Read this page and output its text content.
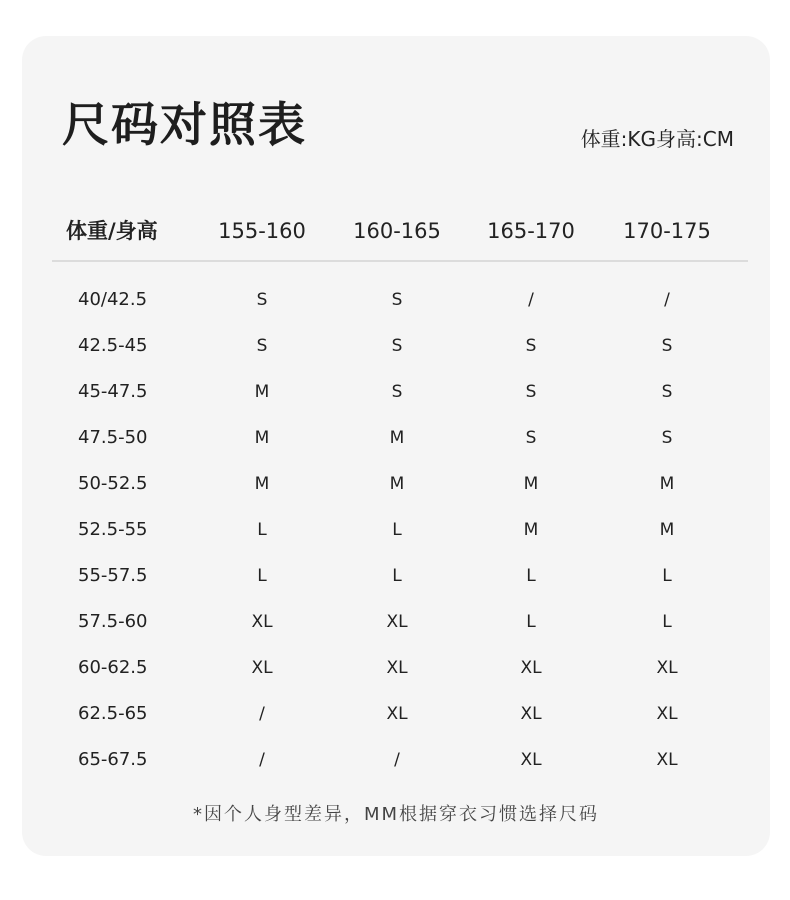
尺码对照表	体重:KG身高:CM
体重/身高	155-160 160-165 165-170 170-175
40/42.5	S	S	/	/
42.5-45	S	S	S	S
45-47.5	M	S	S	S
47.5-50	M	M	S	S
50-52.5	M	M	M	M
52.5-55	L	L	M	M
55-57.5	L	L	L	L
57.5-60	XL	XL	L	L
60-62.5	XL	XL	XL	XL
62.5-65	/	XL	XL	XL
65-67.5	/	/	XL	XL
*因个人身型差异，MM根据穿衣习惯选择尺码
